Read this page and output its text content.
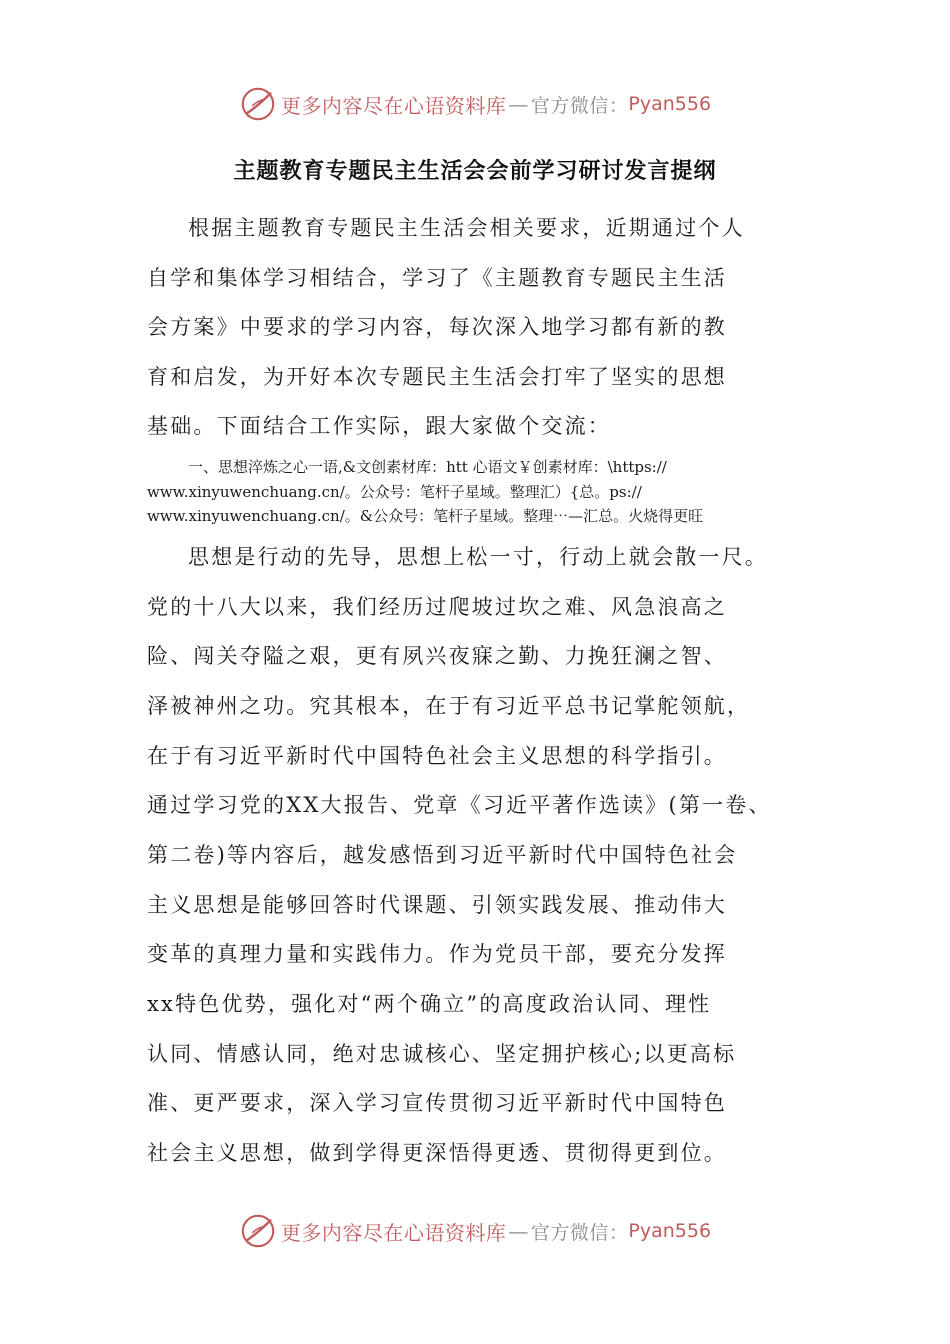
更多内容尽在心语资料库 — 官方微信： Pyan556
主题教育专题民主生活会会前学习研讨发言提纲
根据主题教育专题民主生活会相关要求，近期通过个人
自学和集体学习相结合，学习了《主题教育专题民主生活
会方案》中要求的学习内容，每次深入地学习都有新的教
育和启发，为开好本次专题民主生活会打牢了坚实的思想
基础。下面结合工作实际，跟大家做个交流：
一、思想淬炼之心一语,&文创素材库：htt 心语文￥创素材库：\https://
www.xinyuwenchuang.cn/。公众号：笔杆子星域。整理汇）{总。ps://
www.xinyuwenchuang.cn/。&公众号：笔杆子星域。整理⋯—汇总。火烧得更旺
思想是行动的先导，思想上松一寸，行动上就会散一尺。
党的十八大以来，我们经历过爬坡过坎之难、风急浪高之
险、闯关夺隘之艰，更有夙兴夜寐之勤、力挽狂澜之智、
泽被神州之功。究其根本，在于有习近平总书记掌舵领航，
在于有习近平新时代中国特色社会主义思想的科学指引。
通过学习党的XX大报告、党章《习近平著作选读》(第一卷、
第二卷)等内容后，越发感悟到习近平新时代中国特色社会
主义思想是能够回答时代课题、引领实践发展、推动伟大
变革的真理力量和实践伟力。作为党员干部，要充分发挥
xx特色优势，强化对“两个确立”的高度政治认同、理性
认同、情感认同，绝对忠诚核心、坚定拥护核心;以更高标
准、更严要求，深入学习宣传贯彻习近平新时代中国特色
社会主义思想，做到学得更深悟得更透、贯彻得更到位。
更多内容尽在心语资料库 — 官方微信： Pyan556
